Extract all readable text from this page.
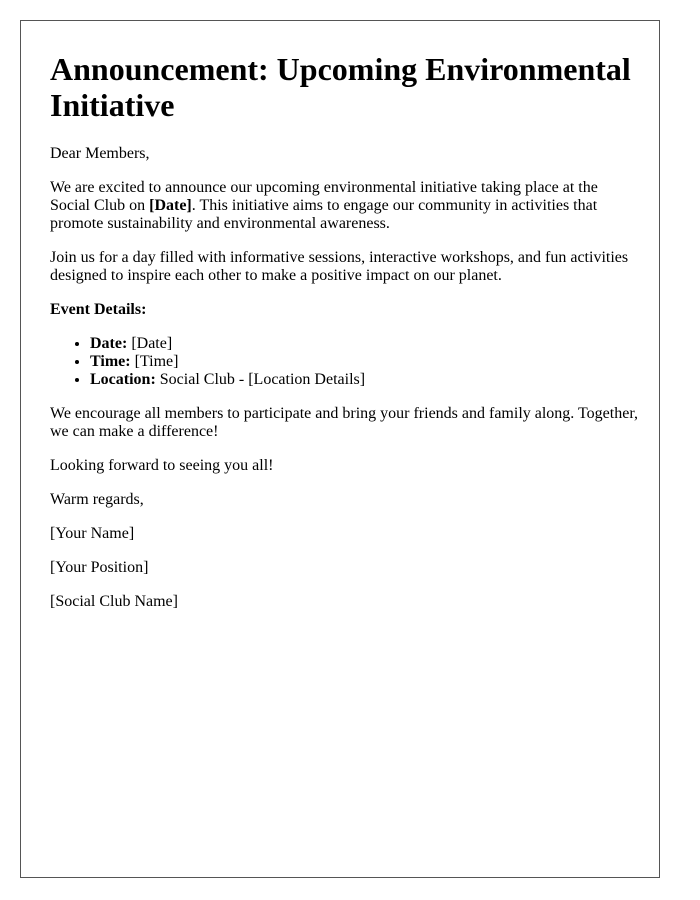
Announcement: Upcoming Environmental Initiative

Dear Members,

We are excited to announce our upcoming environmental initiative taking place at the Social Club on [Date]. This initiative aims to engage our community in activities that promote sustainability and environmental awareness.

Join us for a day filled with informative sessions, interactive workshops, and fun activities designed to inspire each other to make a positive impact on our planet.

Event Details:

• Date: [Date]
• Time: [Time]
• Location: Social Club - [Location Details]

We encourage all members to participate and bring your friends and family along. Together, we can make a difference!

Looking forward to seeing you all!

Warm regards,

[Your Name]

[Your Position]

[Social Club Name]
